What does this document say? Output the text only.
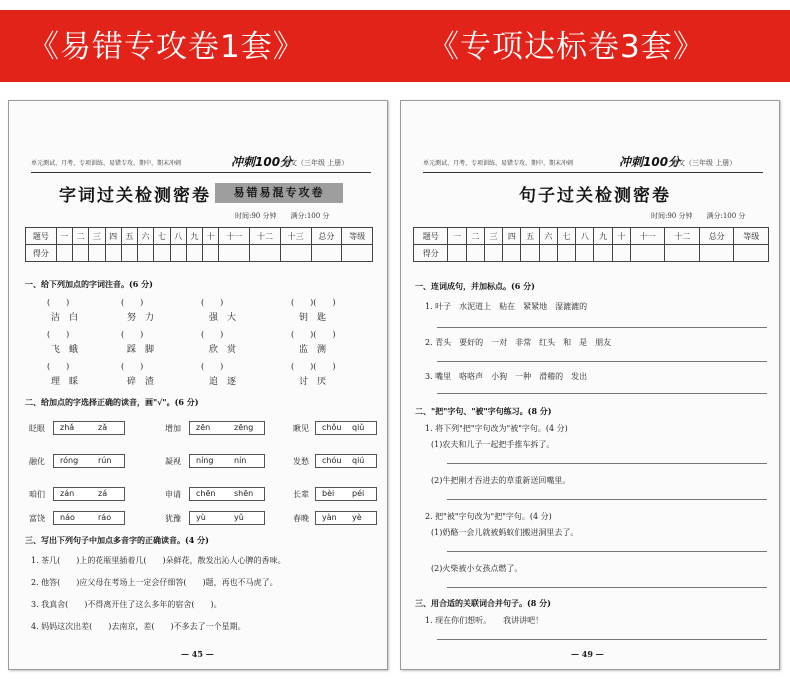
《易错专攻卷1套》	《专项达标卷3套》
单元测试、月考、专项训练、易错专攻、期中、期末冲刺	冲刺100分
语文（三年级 上册）
字词过关检测密卷	易错易混专攻卷
时间:90 分钟　　满分:100 分
题号	一	二	三	四	五	六	七	八	九	十	十一	十二	十三	总分	等级
得分															
一、给下列加点的字词注音。(6 分)
(　　)	(　　)	(　　)	(　　)(　　)
洁　白	努　力	强　大	钥　匙
(　　)	(　　)	(　　)	(　　)(　　)
飞　蛾	踩　脚	欣　赏	监　测
(　　)	(　　)	(　　)	(　　)(　　)
理　睬	碎　渣	追　逐	讨　厌
二、给加点的字选择正确的读音，画"√"。(6 分)
眨眼 zhǎ	zǎ	增加 zēn	zēng	瞅见 chǒu qiǔ
融化 róng rún	凝视 níng	nín	发愁 chóu qiú
咱们 zán	zá	申请 chēn shēn	长辈 bèi péi
富饶 náo	ráo	犹豫 yù	yǔ	春晚 yàn yè
三、写出下列句子中加点多音字的正确读音。(4 分)
1. 茶几(　　)上的花瓶里插着几(　　)朵鲜花，散发出沁人心脾的香味。
2. 他答(　　)应父母在考场上一定会仔细答(　　)题，再也不马虎了。
3. 我真舍(　　)不得离开住了这么多年的宿舍(　　)。
4. 妈妈这次出差(　　)去南京，差(　　)不多去了一个星期。
— 45 —
单元测试、月考、专项训练、易错专攻、期中、期末冲刺	冲刺100分
语文（三年级 上册）
句子过关检测密卷
时间:90 分钟　　满分:100 分
题号	一	二	三	四	五	六	七	八	九	十	十一	十二	总分	等级
得分														
一、连词成句，并加标点。(6 分)
1. 叶子　水泥道上　粘在　紧紧地　湿漉漉的
2. 青头　要好的　一对　非常　红头　和　是　朋友
3. 嘴里　咯咯声　小狗　一种　滑稽的　发出
二、"把"字句、"被"字句练习。(8 分)
1. 将下列"把"字句改为"被"字句。(4 分)
(1)农夫和儿子一起把手推车拆了。
(2)牛把刚才吞进去的草重新送回嘴里。
2. 把"被"字句改为"把"字句。(4 分)
(1)奶酪一会儿就被蚂蚁们搬进洞里去了。
(2)火柴被小女孩点燃了。
三、用合适的关联词合并句子。(8 分)
1. 现在你们想听。　　我讲讲吧！
— 49 —
